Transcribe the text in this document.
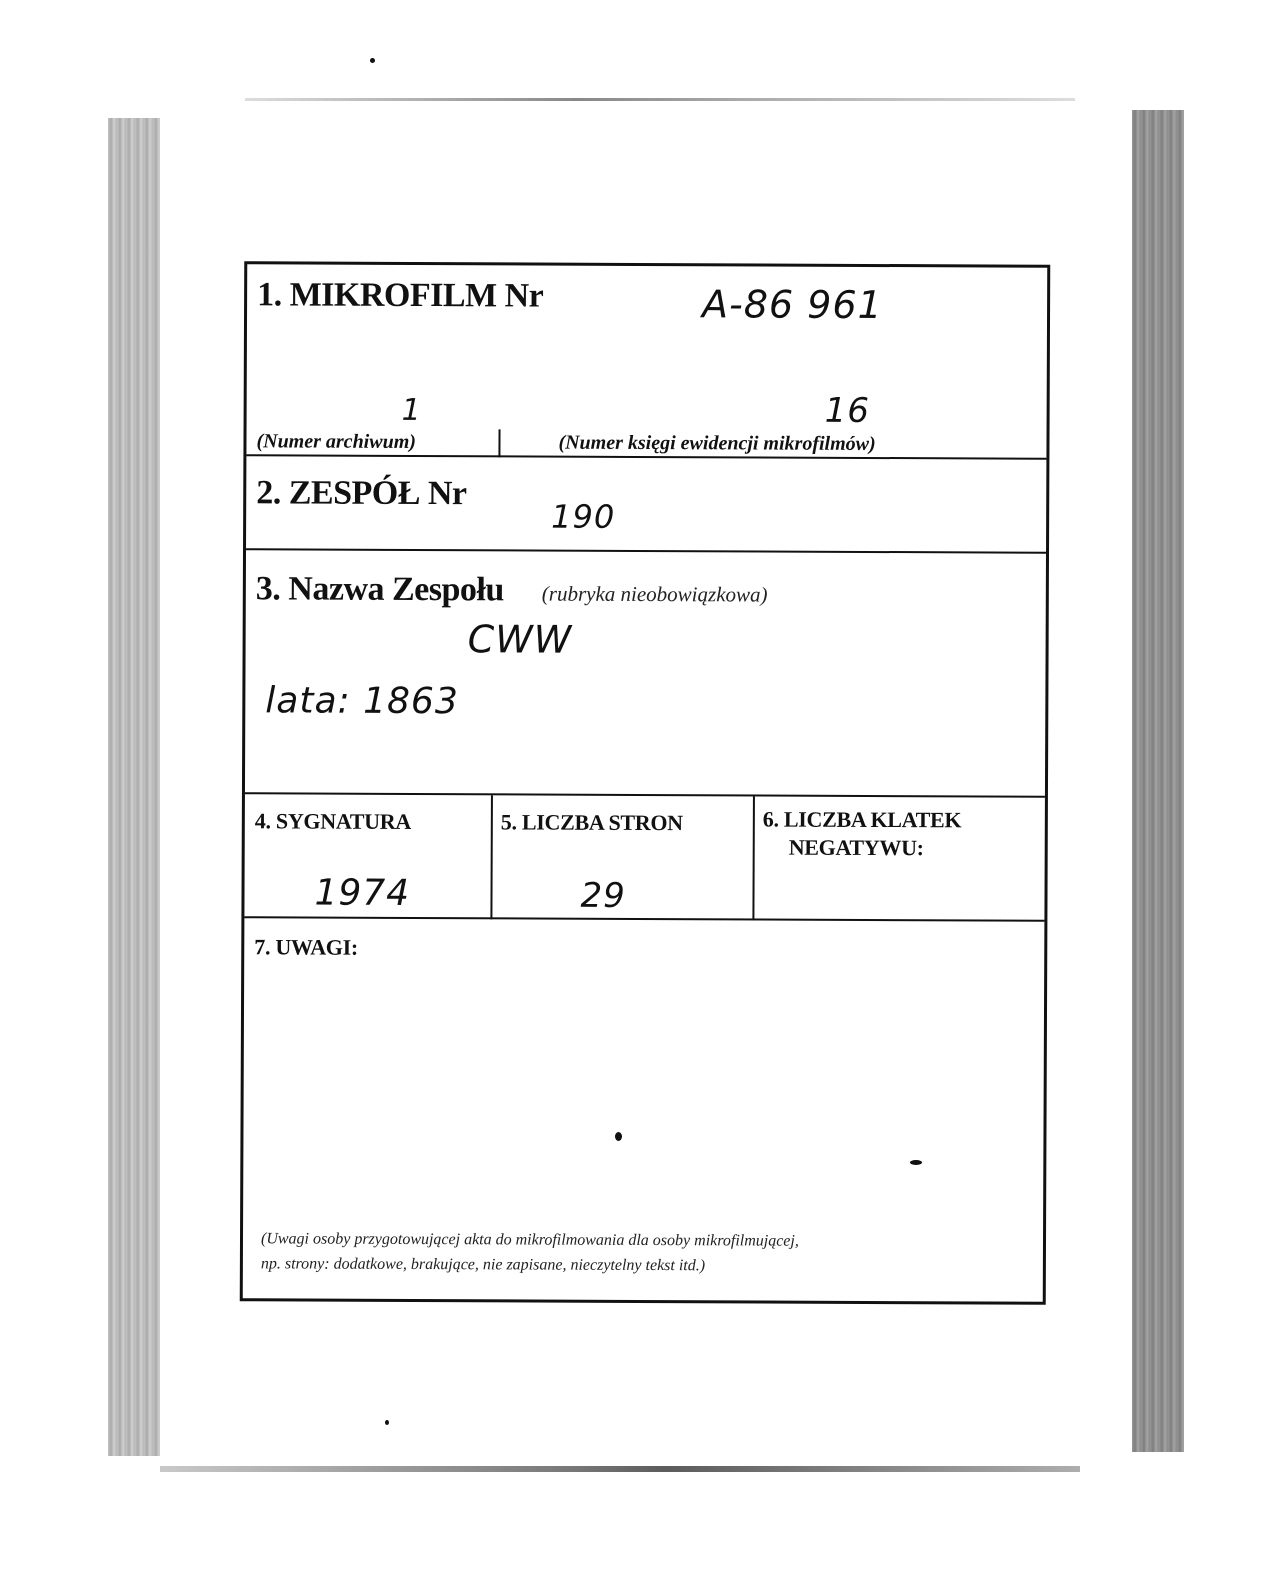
1. MIKROFILM Nr	A-86 961
1	16
(Numer archiwum)	(Numer księgi ewidencji mikrofilmów)
2. ZESPÓŁ Nr
190
3. Nazwa Zespołu (rubryka nieobowiązkowa)
CWW
lata: 1863
4. SYGNATURA
1974
5. LICZBA STRON
29
6. LICZBA KLATEK
NEGATYWU:
7. UWAGI:
(Uwagi osoby przygotowującej akta do mikrofilmowania dla osoby mikrofilmującej,
np. strony: dodatkowe, brakujące, nie zapisane, nieczytelny tekst itd.)
